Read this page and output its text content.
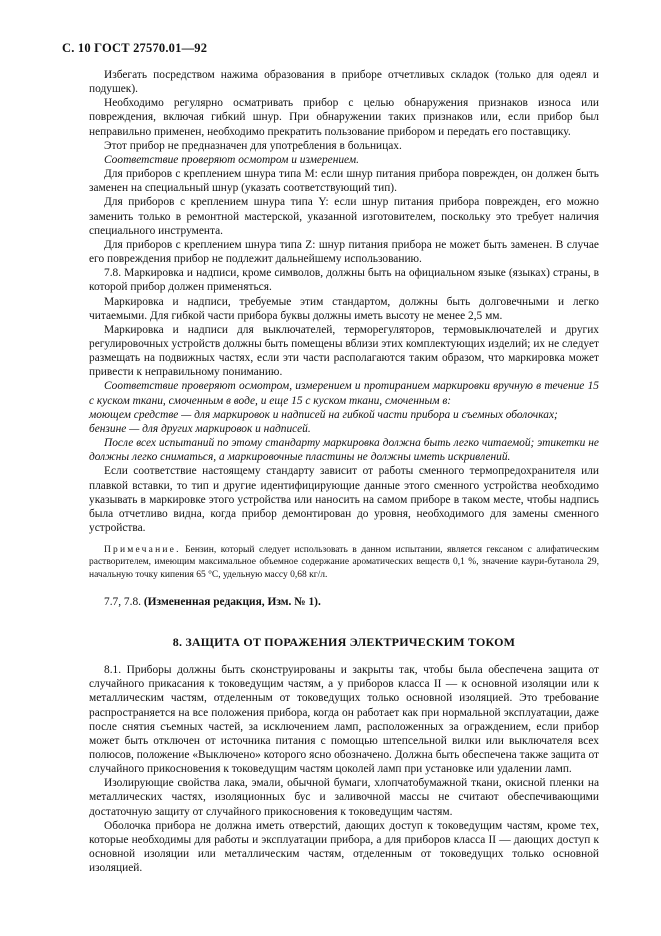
С. 10 ГОСТ 27570.01—92

Избегать посредством нажима образования в приборе отчетливых складок (только для одеял и подушек).

Необходимо регулярно осматривать прибор с целью обнаружения признаков износа или повреждения, включая гибкий шнур. При обнаружении таких признаков или, если прибор был неправильно применен, необходимо прекратить пользование прибором и передать его поставщику.

Этот прибор не предназначен для употребления в больницах.

Соответствие проверяют осмотром и измерением.

Для приборов с креплением шнура типа М: если шнур питания прибора поврежден, он должен быть заменен на специальный шнур (указать соответствующий тип).

Для приборов с креплением шнура типа Y: если шнур питания прибора поврежден, его можно заменить только в ремонтной мастерской, указанной изготовителем, поскольку это требует наличия специального инструмента.

Для приборов с креплением шнура типа Z: шнур питания прибора не может быть заменен. В случае его повреждения прибор не подлежит дальнейшему использованию.

7.8. Маркировка и надписи, кроме символов, должны быть на официальном языке (языках) страны, в которой прибор должен применяться.

Маркировка и надписи, требуемые этим стандартом, должны быть долговечными и легко читаемыми. Для гибкой части прибора буквы должны иметь высоту не менее 2,5 мм.

Маркировка и надписи для выключателей, терморегуляторов, термовыключателей и других регулировочных устройств должны быть помещены вблизи этих комплектующих изделий; их не следует размещать на подвижных частях, если эти части располагаются таким образом, что маркировка может привести к неправильному пониманию.

Соответствие проверяют осмотром, измерением и протиранием маркировки вручную в течение 15 с куском ткани, смоченным в воде, и еще 15 с куском ткани, смоченным в:

моющем средстве — для маркировок и надписей на гибкой части прибора и съемных оболочках;

бензине — для других маркировок и надписей.

После всех испытаний по этому стандарту маркировка должна быть легко читаемой; этикетки не должны легко сниматься, а маркировочные пластины не должны иметь искривлений.

Если соответствие настоящему стандарту зависит от работы сменного термопредохранителя или плавкой вставки, то тип и другие идентифицирующие данные этого сменного устройства необходимо указывать в маркировке этого устройства или наносить на самом приборе в таком месте, чтобы надпись была отчетливо видна, когда прибор демонтирован до уровня, необходимого для замены сменного устройства.

Примечание. Бензин, который следует использовать в данном испытании, является гексаном с алифатическим растворителем, имеющим максимальное объемное содержание ароматических веществ 0,1 %, значение каури-бутанола 29, начальную точку кипения 65 °С, удельную массу 0,68 кг/л.

7.7, 7.8. (Измененная редакция, Изм. № 1).

8. ЗАЩИТА ОТ ПОРАЖЕНИЯ ЭЛЕКТРИЧЕСКИМ ТОКОМ

8.1. Приборы должны быть сконструированы и закрыты так, чтобы была обеспечена защита от случайного прикасания к токоведущим частям, а у приборов класса II — к основной изоляции или к металлическим частям, отделенным от токоведущих только основной изоляцией. Это требование распространяется на все положения прибора, когда он работает как при нормальной эксплуатации, даже после снятия съемных частей, за исключением ламп, расположенных за ограждением, если прибор может быть отключен от источника питания с помощью штепсельной вилки или выключателя всех полюсов, положение «Выключено» которого ясно обозначено. Должна быть обеспечена также защита от случайного прикосновения к токоведущим частям цоколей ламп при установке или удалении ламп.

Изолирующие свойства лака, эмали, обычной бумаги, хлопчатобумажной ткани, окисной пленки на металлических частях, изоляционных бус и заливочной массы не считают обеспечивающими достаточную защиту от случайного прикосновения к токоведущим частям.

Оболочка прибора не должна иметь отверстий, дающих доступ к токоведущим частям, кроме тех, которые необходимы для работы и эксплуатации прибора, а для приборов класса II — дающих доступ к основной изоляции или металлическим частям, отделенным от токоведущих только основной изоляцией.
